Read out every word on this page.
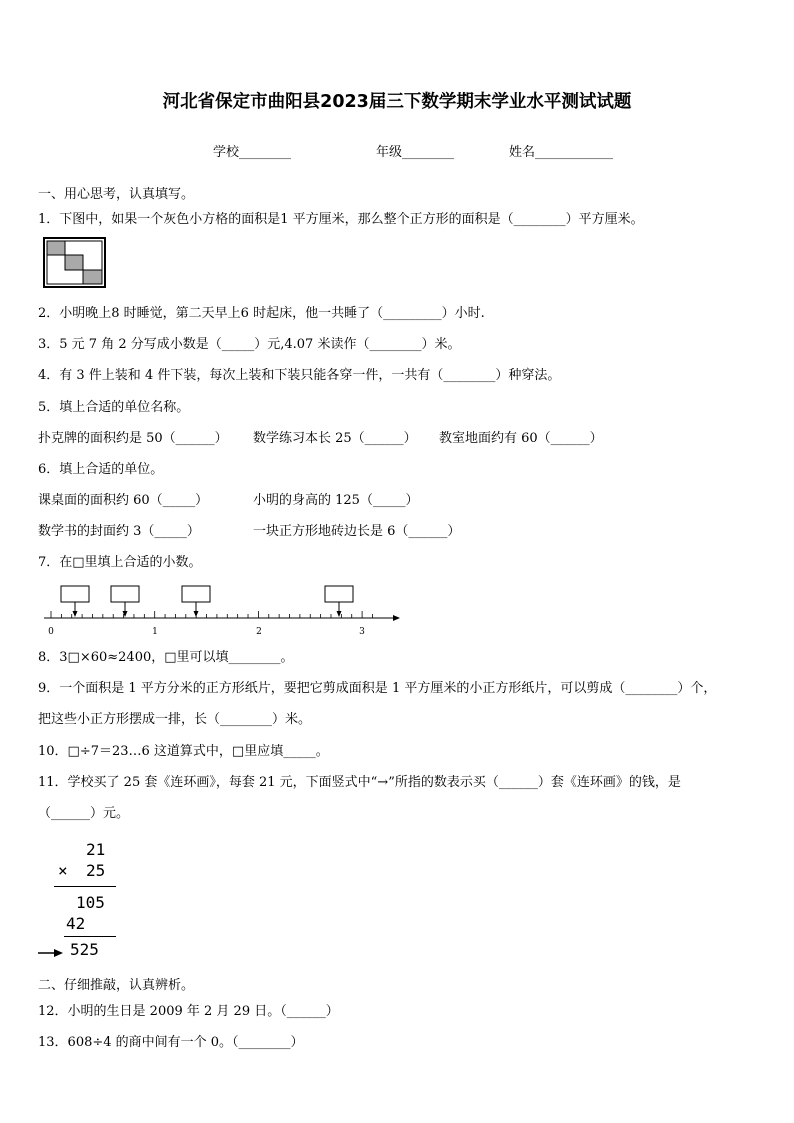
河北省保定市曲阳县2023届三下数学期末学业水平测试试题
学校________	年级________	姓名____________
一、用心思考，认真填写。
1．下图中，如果一个灰色小方格的面积是1 平方厘米，那么整个正方形的面积是（________）平方厘米。
2．小明晚上8 时睡觉，第二天早上6 时起床，他一共睡了（_________）小时.
3．5 元 7 角 2 分写成小数是（_____）元,4.07 米读作（________）米。
4．有 3 件上装和 4 件下装，每次上装和下装只能各穿一件，一共有（________）种穿法。
5．填上合适的单位名称。
扑克牌的面积约是 50（______） 数学练习本长 25（______） 教室地面约有 60（______）
6．填上合适的单位。
课桌面的面积约 60（_____）	小明的身高的 125（_____）
数学书的封面约 3（_____）	一块正方形地砖边长是 6（______）
7．在□里填上合适的小数。
0	1	2	3
8．3□×60≈2400，□里可以填________。
9．一个面积是 1 平方分米的正方形纸片，要把它剪成面积是 1 平方厘米的小正方形纸片，可以剪成（________）个，
把这些小正方形摆成一排，长（________）米。
10．□÷7＝23…6 这道算式中，□里应填_____。
11．学校买了 25 套《连环画》，每套 21 元，下面竖式中“→”所指的数表示买（______）套《连环画》的钱，是
（______）元。
21
× 25
105
42
525
二、仔细推敲，认真辨析。
12．小明的生日是 2009 年 2 月 29 日。（______）
13．608÷4 的商中间有一个 0。（________）
